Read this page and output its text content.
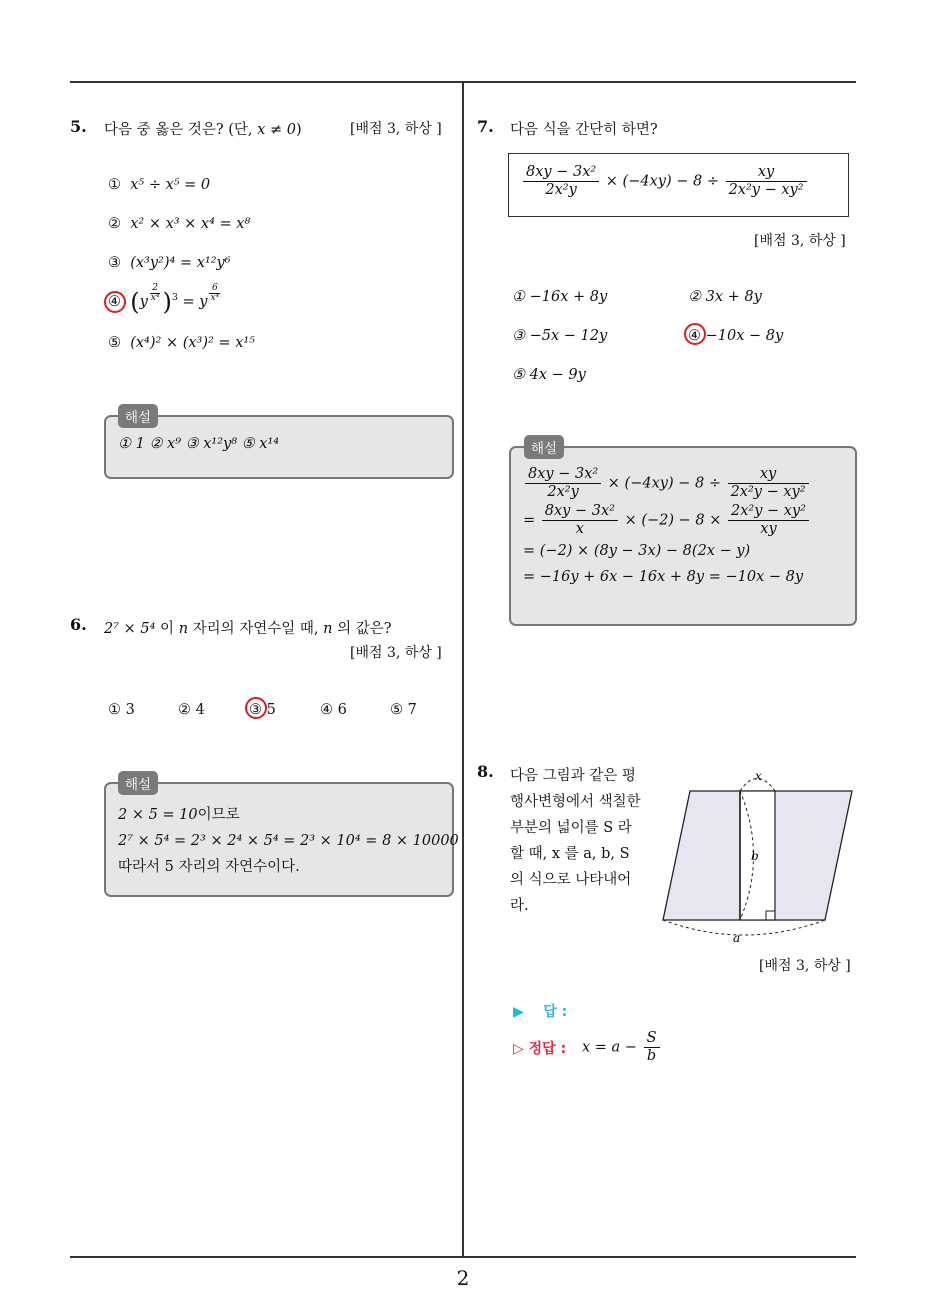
2
5. 다음 중 옳은 것은? (단, x ≠ 0)	[배점 3, 하상 ]
① x⁵ ÷ x⁵ = 0
② x² × x³ × x⁴ = x⁸
③ (x³y²)⁴ = x¹²y⁶
④ $(y \frac{2}{\text{x⁴}} )^3 = y \frac{6}{\text{x⁴}}$
⑤ (x⁴)² × (x³)² = x¹⁵
① 1 ② x⁹ ③ x¹²y⁸ ⑤ x¹⁴
해설
6. 2⁷ × 5⁴ 이 n 자리의 자연수일 때, n 의 값은?
[배점 3, 하상 ]
① 3	② 4	③ 5	④ 6	⑤ 7
2 × 5 = 10이므로
2⁷ × 5⁴ = 2³ × 2⁴ × 5⁴ = 2³ × 10⁴ = 8 × 10000
따라서 5 자리의 자연수이다.
해설
7. 다음 식을 간단히 하면?
$\frac{\text{8xy − 3x²}}{\text{2x²y}} \times (-4xy) - 8 \div \frac{xy}{\text{2x²y − xy²}}$
[배점 3, 하상 ]
① −16x + 8y	② 3x + 8y
③ −5x − 12y	④ −10x − 8y
⑤ 4x − 9y
$\frac{\text{8xy − 3x²}}{\text{2x²y}} \times (-4xy) - 8 \div \frac{xy}{\text{2x²y − xy²}}$
= $\frac{\text{8xy − 3x²}}{x} \times (-2) - 8 \times \frac{\text{2x²y − xy²}}{xy}$
= (−2) × (8y − 3x) − 8(2x − y)
= −16y + 6x − 16x + 8y = −10x − 8y
해설
8. 다음 그림과 같은 평
행사변형에서 색칠한
부분의 넓이를 S 라
할 때, x 를 a, b, S
의 식으로 나타내어
라.
x
b
a
[배점 3, 하상 ]
▶ 답 :
▷ 정답 : $x = a - \frac{S}{b}$
